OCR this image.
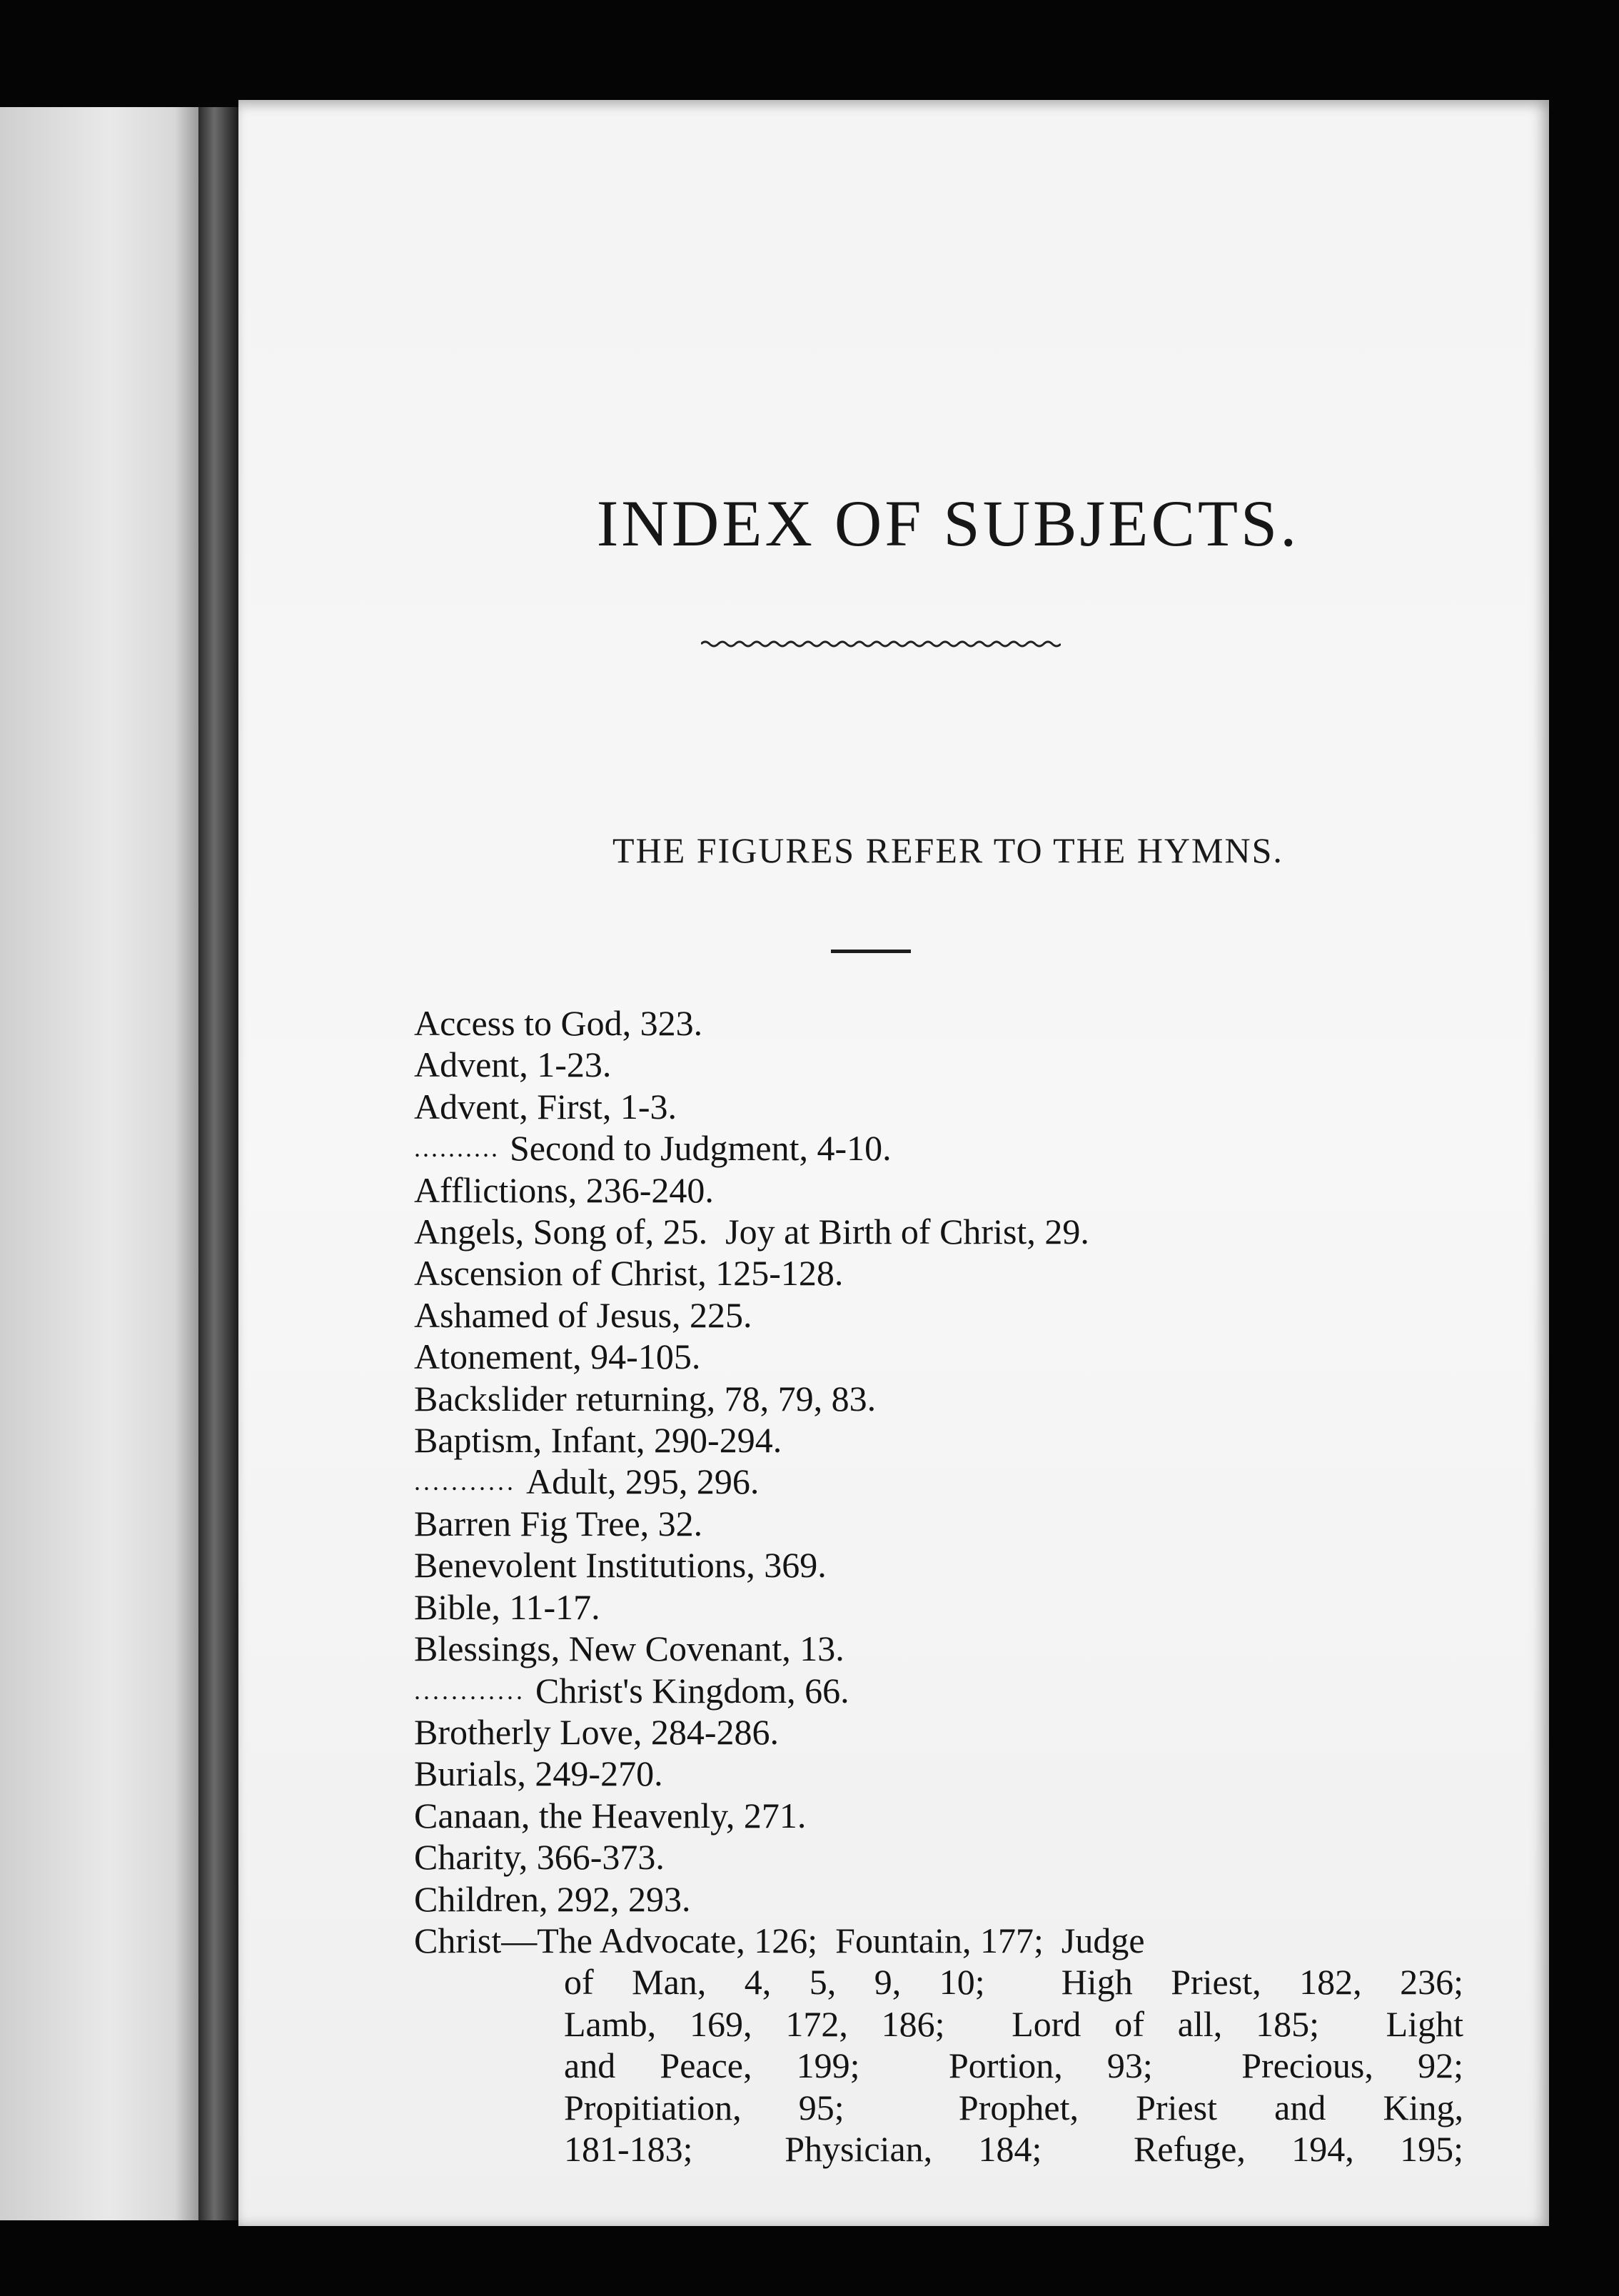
INDEX OF SUBJECTS.
THE FIGURES REFER TO THE HYMNS.
Access to God, 323.
Advent, 1-23.
Advent, First, 1-3.
.......... Second to Judgment, 4-10.
Afflictions, 236-240.
Angels, Song of, 25.  Joy at Birth of Christ, 29.
Ascension of Christ, 125-128.
Ashamed of Jesus, 225.
Atonement, 94-105.
Backslider returning, 78, 79, 83.
Baptism, Infant, 290-294.
........... Adult, 295, 296.
Barren Fig Tree, 32.
Benevolent Institutions, 369.
Bible, 11-17.
Blessings, New Covenant, 13.
............ Christ's Kingdom, 66.
Brotherly Love, 284-286.
Burials, 249-270.
Canaan, the Heavenly, 271.
Charity, 366-373.
Children, 292, 293.
Christ—The Advocate, 126;  Fountain, 177;  Judge
of Man, 4, 5, 9, 10;  High Priest, 182, 236;
Lamb, 169, 172, 186;  Lord of all, 185;  Light
and Peace, 199;  Portion, 93;  Precious, 92;
Propitiation, 95;  Prophet, Priest and King,
181-183;  Physician, 184;  Refuge, 194, 195;
